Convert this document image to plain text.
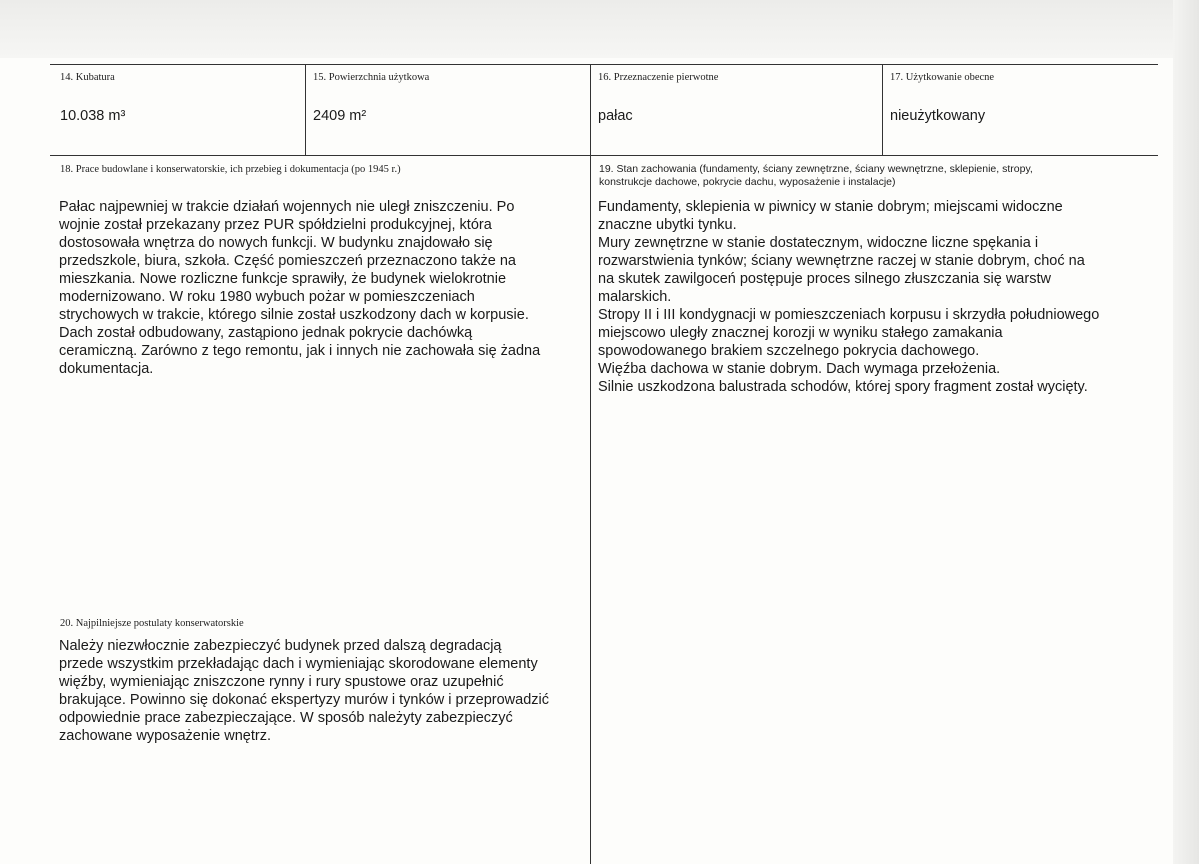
14. Kubatura
10.038 m³
15. Powierzchnia użytkowa
2409 m²
16. Przeznaczenie pierwotne
pałac
17. Użytkowanie obecne
nieużytkowany
18. Prace budowlane i konserwatorskie, ich przebieg i dokumentacja (po 1945 r.)
Pałac najpewniej w trakcie działań wojennych nie uległ zniszczeniu. Po
wojnie został przekazany przez PUR spółdzielni produkcyjnej, która
dostosowała wnętrza do nowych funkcji. W budynku znajdowało się
przedszkole, biura, szkoła. Część pomieszczeń przeznaczono także na
mieszkania. Nowe rozliczne funkcje sprawiły, że budynek wielokrotnie
modernizowano. W roku 1980 wybuch pożar w pomieszczeniach
strychowych w trakcie, którego silnie został uszkodzony dach w korpusie.
Dach został odbudowany, zastąpiono jednak pokrycie dachówką
ceramiczną. Zarówno z tego remontu, jak i innych nie zachowała się żadna
dokumentacja.
19. Stan zachowania (fundamenty, ściany zewnętrzne, ściany wewnętrzne, sklepienie, stropy,
konstrukcje dachowe, pokrycie dachu, wyposażenie i instalacje)
Fundamenty, sklepienia w piwnicy w stanie dobrym; miejscami widoczne
znaczne ubytki tynku.
Mury zewnętrzne w stanie dostatecznym, widoczne liczne spękania i
rozwarstwienia tynków; ściany wewnętrzne raczej w stanie dobrym, choć na
na skutek zawilgoceń postępuje proces silnego złuszczania się warstw
malarskich.
Stropy II i III kondygnacji w pomieszczeniach korpusu i skrzydła południowego
miejscowo uległy znacznej korozji w wyniku stałego zamakania
spowodowanego brakiem szczelnego pokrycia dachowego.
Więźba dachowa w stanie dobrym. Dach wymaga przełożenia.
Silnie uszkodzona balustrada schodów, której spory fragment został wycięty.
20. Najpilniejsze postulaty konserwatorskie
Należy niezwłocznie zabezpieczyć budynek przed dalszą degradacją
przede wszystkim przekładając dach i wymieniając skorodowane elementy
więźby, wymieniając zniszczone rynny i rury spustowe oraz uzupełnić
brakujące. Powinno się dokonać ekspertyzy murów i tynków i przeprowadzić
odpowiednie prace zabezpieczające. W sposób należyty zabezpieczyć
zachowane wyposażenie wnętrz.
